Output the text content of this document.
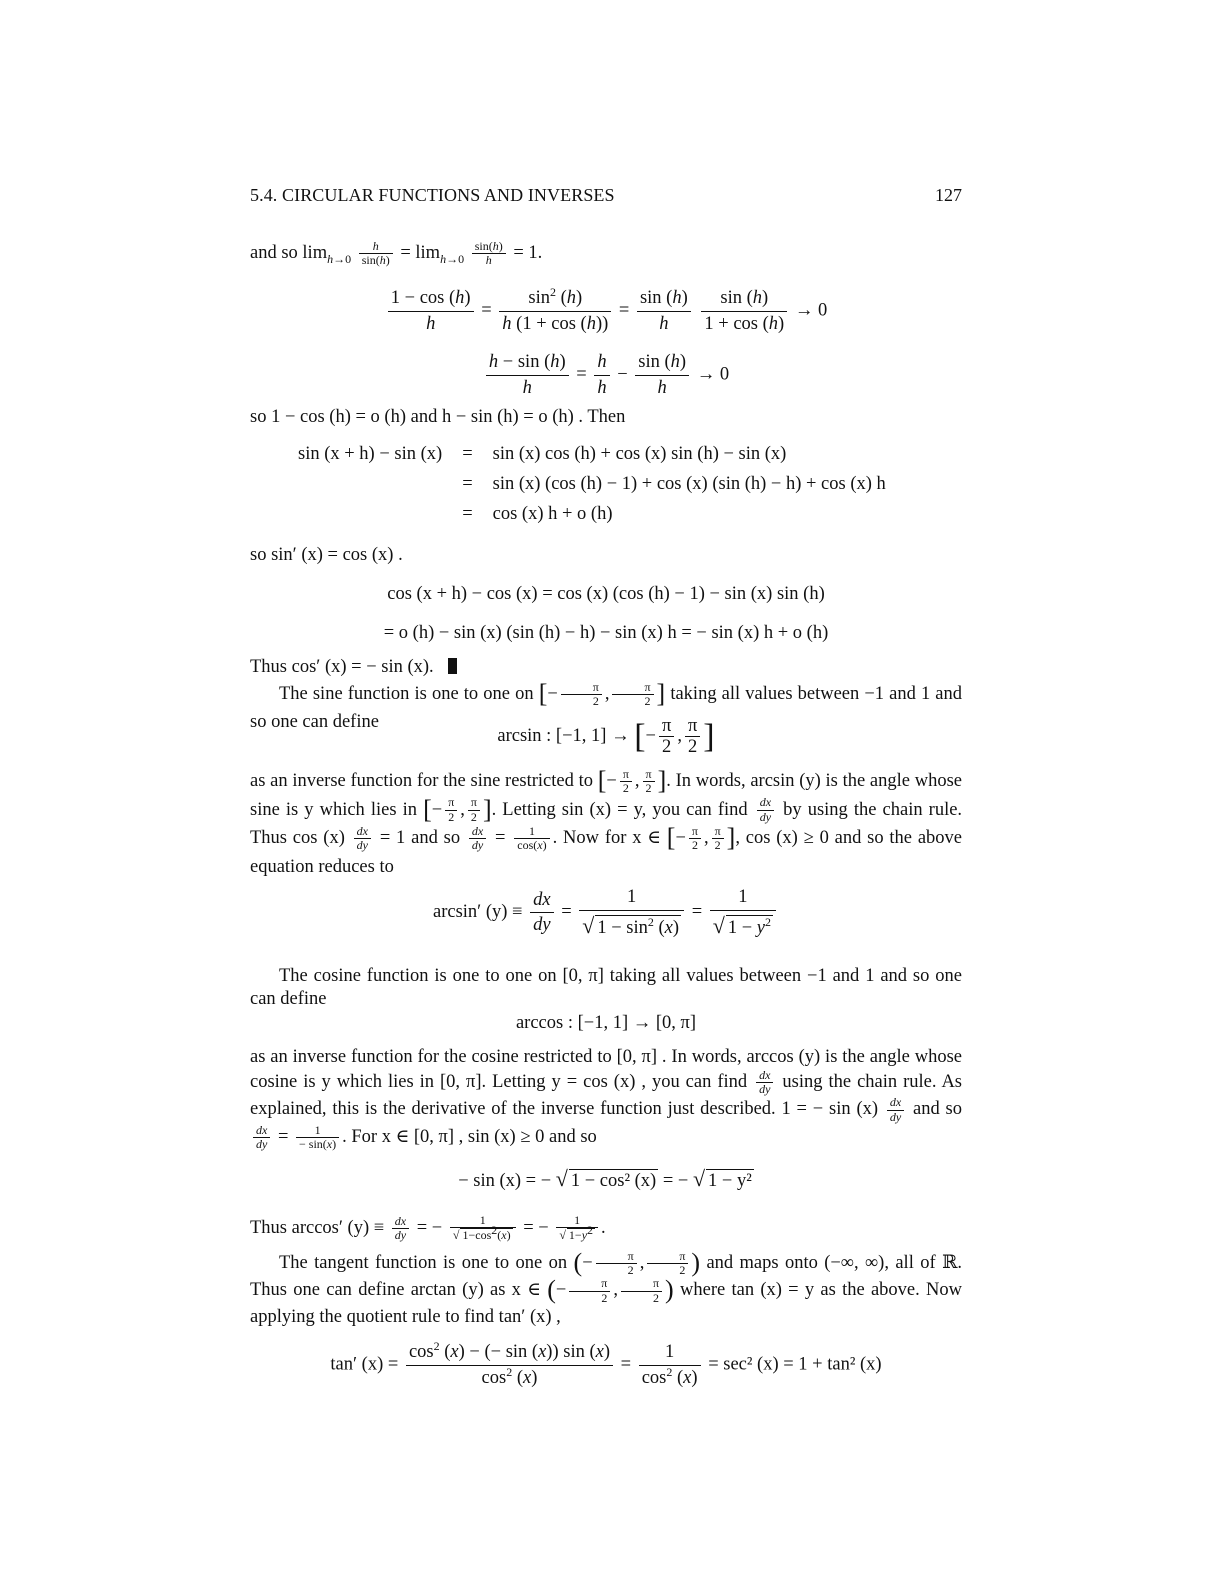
5.4. CIRCULAR FUNCTIONS AND INVERSES	127
and so $\lim_{h\to 0} \frac{h}{\sin(h)} = \lim_{h\to 0} \frac{\sin(h)}{h} = 1$.
$\frac{1 - \cos (h)}{h} = \frac{\sin^2 (h)}{h (1 + \cos (h))} = \frac{\sin (h)}{h}$
$\frac{\sin (h)}{1 + \cos (h)} \to 0$
$\frac{h - \sin (h)}{h} = \frac{h}{h} - \frac{\sin (h)}{h} \to 0$
so 1 − cos (h) = o (h) and h − sin (h) = o (h) . Then
sin (x + h) − sin (x)	=	sin (x) cos (h) + cos (x) sin (h) − sin (x)
	=	sin (x) (cos (h) − 1) + cos (x) (sin (h) − h) + cos (x) h
	=	cos (x) h + o (h)
so sin′ (x) = cos (x) .
cos (x + h) − cos (x) = cos (x) (cos (h) − 1) − sin (x) sin (h)
= o (h) − sin (x) (sin (h) − h) − sin (x) h = − sin (x) h + o (h)
Thus cos′ (x) = − sin (x).
The sine function is one to one on [− $\frac{\pi}{2}$ , $\frac{\pi}{2}$ ] taking all values between −1 and 1 and so one can define
arcsin : [−1, 1] → [− $\frac{\pi}{2}$ , $\frac{\pi}{2}$ ]
as an inverse function for the sine restricted to [− $\frac{\pi}{2}$ , $\frac{\pi}{2}$ ]. In words, arcsin (y) is the angle whose sine is y which lies in [− $\frac{\pi}{2}$ , $\frac{\pi}{2}$ ]. Letting sin (x) = y, you can find $\frac{dx}{dy}$ by using the chain rule. Thus $\cos (x) \frac{dx}{dy} = 1$ and so $\frac{dx}{dy} = \frac{1}{\cos(x)}$ . Now for x ∈ [− $\frac{\pi}{2}$ , $\frac{\pi}{2}$ ], cos (x) ≥ 0 and so the above equation reduces to
arcsin′ $(y) \equiv \frac{dx}{dy} = \frac{1}{√ 1 - \sin^2 (x)} = \frac{1}{√ 1 - y^2}$
The cosine function is one to one on [0, π] taking all values between −1 and 1 and so one can define
arccos : [−1, 1] → [0, π]
as an inverse function for the cosine restricted to [0, π] . In words, arccos (y) is the angle whose cosine is y which lies in [0, π]. Letting y = cos (x) , you can find $\frac{dx}{dy}$ using the chain rule. As explained, this is the derivative of the inverse function just described. 1 = − $\sin (x) \frac{dx}{dy}$ and so
$\frac{dx}{dy} = \frac{1}{- \sin(x)}$ . For x ∈ [0, π] , sin (x) ≥ 0 and so
− sin (x) = − √ 1 − cos² (x) = − √ 1 − y²
Thus arccos′ $(y) \equiv \frac{dx}{dy}$ = − $\frac{1}{√ 1-\cos^2(x)}$ = − $\frac{1}{√ 1-y^2}$ .
The tangent function is one to one on (− $\frac{\pi}{2}$ , $\frac{\pi}{2}$ ) and maps onto (−∞, ∞), all of ℝ. Thus one can define arctan (y) as x ∈ (− $\frac{\pi}{2}$ , $\frac{\pi}{2}$ ) where tan (x) = y as the above. Now applying the quotient rule to find tan′ (x) ,
tan′ $(x) = \frac{\cos^2 (x) - (- \sin (x)) \sin (x)}{\cos^2 (x)} = \frac{1}{\cos^2 (x)} = \sec^2$ (x) = 1 + tan² (x)
